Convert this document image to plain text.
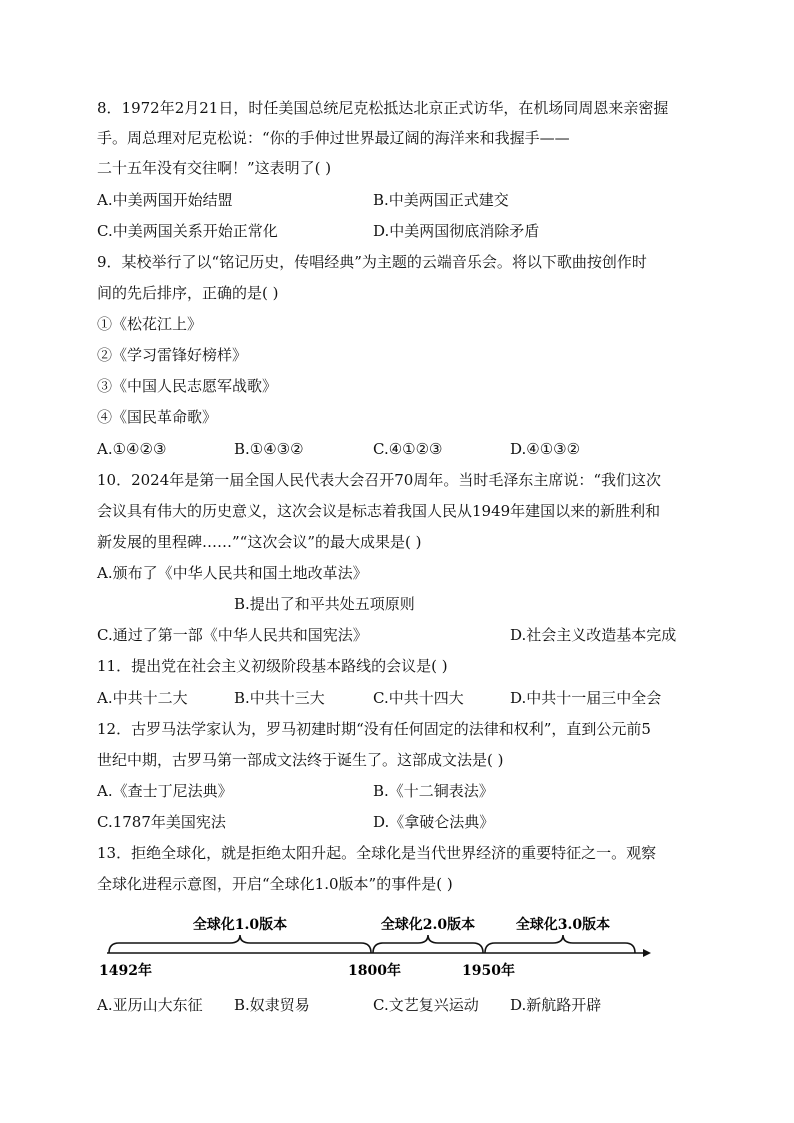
8．1972年2月21日，时任美国总统尼克松抵达北京正式访华，在机场同周恩来亲密握
手。周总理对尼克松说：“你的手伸过世界最辽阔的海洋来和我握手——
二十五年没有交往啊！”这表明了( )
A.中美两国开始结盟	B.中美两国正式建交
C.中美两国关系开始正常化	D.中美两国彻底消除矛盾
9．某校举行了以“铭记历史，传唱经典”为主题的云端音乐会。将以下歌曲按创作时
间的先后排序，正确的是( )
①《松花江上》
②《学习雷锋好榜样》
③《中国人民志愿军战歌》
④《国民革命歌》
A.①④②③	B.①④③②	C.④①②③	D.④①③②
10．2024年是第一届全国人民代表大会召开70周年。当时毛泽东主席说：“我们这次
会议具有伟大的历史意义，这次会议是标志着我国人民从1949年建国以来的新胜利和
新发展的里程碑……”“这次会议”的最大成果是( )
A.颁布了《中华人民共和国土地改革法》
B.提出了和平共处五项原则
C.通过了第一部《中华人民共和国宪法》	D.社会主义改造基本完成
11．提出党在社会主义初级阶段基本路线的会议是( )
A.中共十二大	B.中共十三大	C.中共十四大	D.中共十一届三中全会
12．古罗马法学家认为，罗马初建时期“没有任何固定的法律和权利”，直到公元前5
世纪中期，古罗马第一部成文法终于诞生了。这部成文法是( )
A.《查士丁尼法典》	B.《十二铜表法》
C.1787年美国宪法	D.《拿破仑法典》
13．拒绝全球化，就是拒绝太阳升起。全球化是当代世界经济的重要特征之一。观察
全球化进程示意图，开启“全球化1.0版本”的事件是( )
全球化1.0版本	全球化2.0版本	全球化3.0版本
1492年	1800年	1950年
A.亚历山大东征 B.奴隶贸易	C.文艺复兴运动 D.新航路开辟
